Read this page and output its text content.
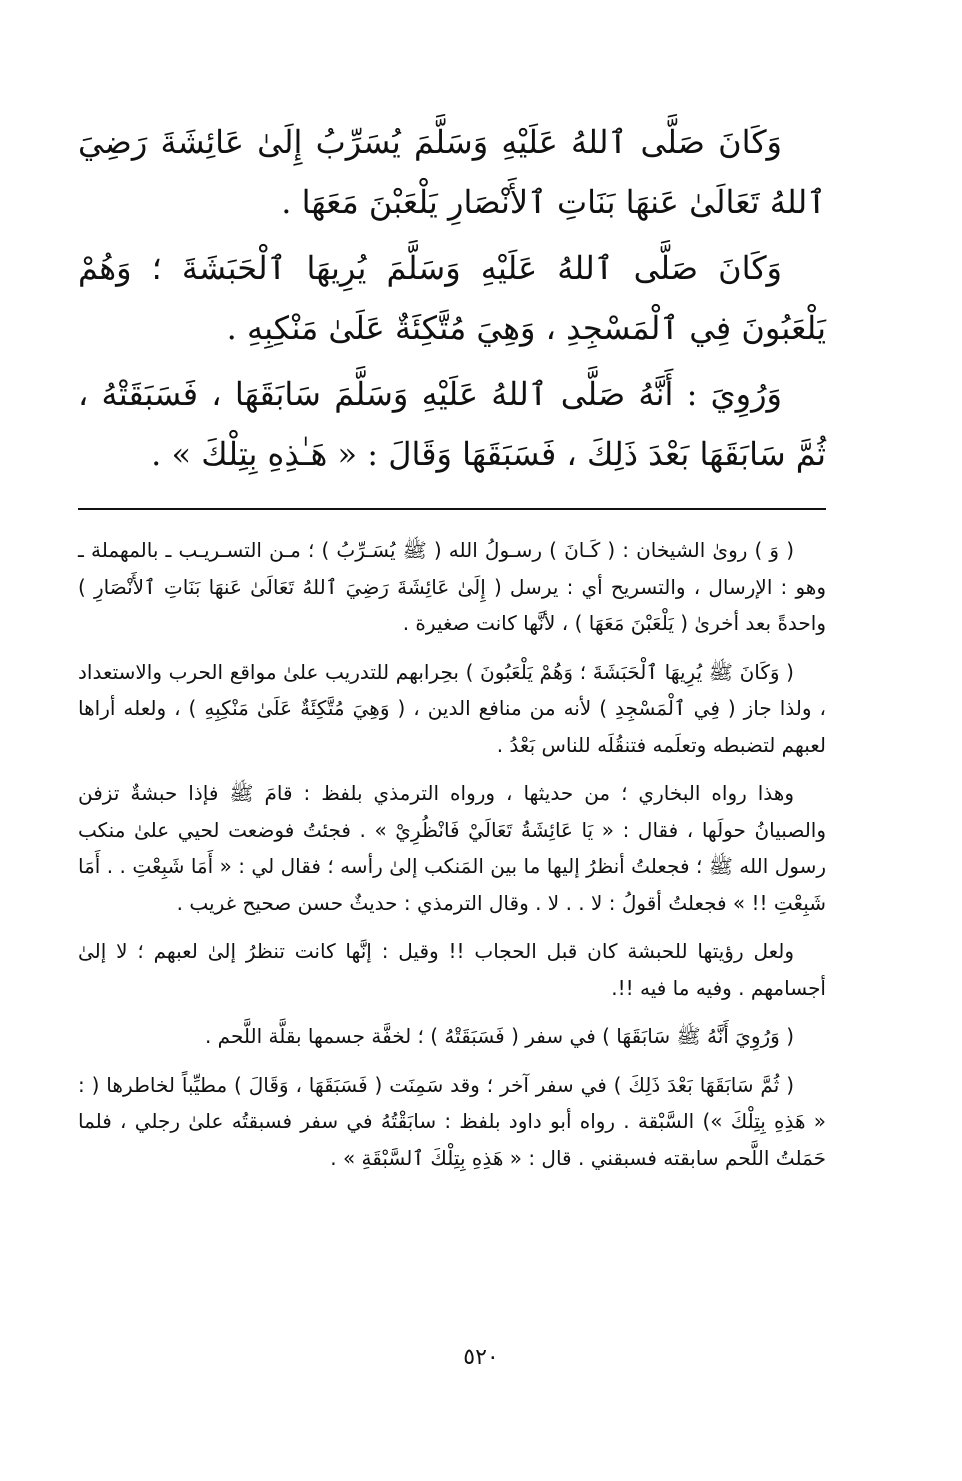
وَكَانَ صَلَّى ٱللهُ عَلَيْهِ وَسَلَّمَ يُسَرِّبُ إِلَىٰ عَائِشَةَ رَضِيَ ٱللهُ تَعَالَىٰ عَنهَا بَنَاتِ ٱلأَنْصَارِ يَلْعَبْنَ مَعَهَا .

وَكَانَ صَلَّى ٱللهُ عَلَيْهِ وَسَلَّمَ يُرِيهَا ٱلْحَبَشَةَ ؛ وَهُمْ يَلْعَبُونَ فِي ٱلْمَسْجِدِ ، وَهِيَ مُتَّكِئَةٌ عَلَىٰ مَنْكِبِهِ .

وَرُوِيَ : أَنَّهُ صَلَّى ٱللهُ عَلَيْهِ وَسَلَّمَ سَابَقَهَا ، فَسَبَقَتْهُ ، ثُمَّ سَابَقَهَا بَعْدَ ذَلِكَ ، فَسَبَقَهَا وَقَالَ : « هَـٰذِهِ بِتِلْكَ » .

( وَ ) روىٰ الشيخان : ( كَـانَ ) رسـولُ الله ( ﷺ يُسَـرِّبُ ) ؛ مـن التسـريـب ـ بالمهملة ـ وهو : الإرسال ، والتسريح أي : يرسل ( إِلَىٰ عَائِشَةَ رَضِيَ ٱللهُ تَعَالَىٰ عَنهَا بَنَاتِ ٱلأَنْصَارِ ) واحدةً بعد أخرىٰ ( يَلْعَبْنَ مَعَهَا ) ، لأنَّها كانت صغيرة .

( وَكَانَ ﷺ يُرِيهَا ٱلْحَبَشَةَ ؛ وَهُمْ يَلْعَبُونَ ) بحِرابهم للتدريب علىٰ مواقع الحرب والاستعداد ، ولذا جاز ( فِي ٱلْمَسْجِدِ ) لأنه من منافع الدين ، ( وَهِيَ مُتَّكِئَةٌ عَلَىٰ مَنْكِبِهِ ) ، ولعله أراها لعبهم لتضبطه وتعلَمه فتنقُلَه للناس بَعْدُ .

وهذا رواه البخاري ؛ من حديثها ، ورواه الترمذي بلفظ : قامَ ﷺ فإذا حبشةٌ تزفن والصبيانُ حولَها ، فقال : « يَا عَائِشَةُ تَعَالَيْ فَانْظُرِيْ » . فجئتُ فوضعت لحيي علىٰ منكب رسول الله ﷺ ؛ فجعلتُ أنظرُ إليها ما بين المَنكب إلىٰ رأسه ؛ فقال لي : « أَمَا شَبِعْتِ . . أَمَا شَبِعْتِ !! » فجعلتُ أقولُ : لا . . لا . وقال الترمذي : حديثٌ حسن صحيح غريب .

ولعل رؤيتها للحبشة كان قبل الحجاب !! وقيل : إنَّها كانت تنظرُ إلىٰ لعبهم ؛ لا إلىٰ أجسامهم . وفيه ما فيه !!.

( وَرُوِيَ أَنَّهُ ﷺ سَابَقَهَا ) في سفر ( فَسَبَقَتْهُ ) ؛ لخفَّة جسمها بقلَّة اللَّحم .

( ثُمَّ سَابَقَهَا بَعْدَ ذَلِكَ ) في سفر آخر ؛ وقد سَمِنَت ( فَسَبَقَهَا ، وَقَالَ ) مطيِّباً لخاطرها ( : « هَذِهِ بِتِلْكَ ») السَّبْقة . رواه أبو داود بلفظ : سابَقْتُهُ في سفر فسبقتُه علىٰ رجلي ، فلما حَمَلتُ اللَّحم سابقته فسبقني . قال : « هَذِهِ بِتِلْكَ ٱلسَّبْقَةِ » .

٥٢٠
